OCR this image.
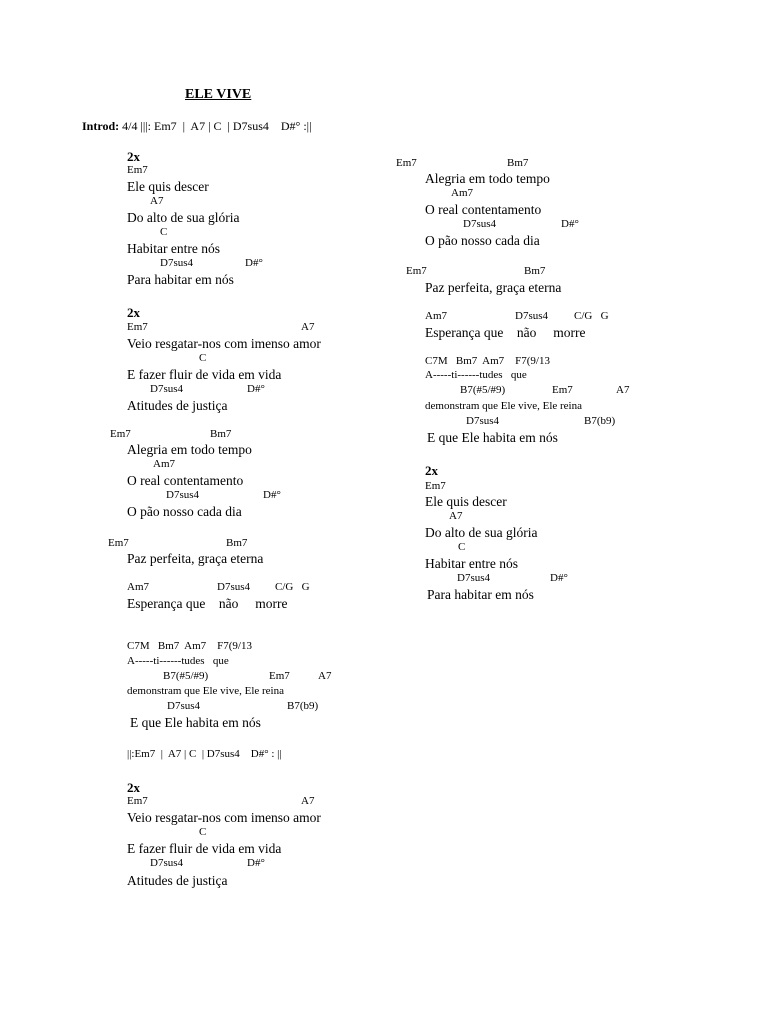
ELE VIVE
Introd: 4/4 |||: Em7  |  A7 | C  | D7sus4    D#° :||
2x
Em7
Ele quis descer
A7
Do alto de sua glória
C
Habitar entre nós
D7sus4	D#°
Para habitar em nós
2x
Em7	A7
Veio resgatar-nos com imenso amor
C
E fazer fluir de vida em vida
D7sus4	D#°
Atitudes de justiça
Em7	Bm7
Alegria em todo tempo
Am7
O real contentamento
D7sus4	D#°
O pão nosso cada dia
Em7	Bm7
Paz perfeita, graça eterna
Am7	D7sus4 C/G   G
Esperança que    não     morre
C7M   Bm7  Am7    F7(9/13
A-----ti------tudes   que
B7(#5/#9)	Em7	A7
demonstram que Ele vive, Ele reina
D7sus4	B7(b9)
E que Ele habita em nós
||:Em7  |  A7 | C  | D7sus4    D#° : ||
2x
Em7	A7
Veio resgatar-nos com imenso amor
C
E fazer fluir de vida em vida
D7sus4	D#°
Atitudes de justiça
Em7	Bm7
Alegria em todo tempo
Am7
O real contentamento
D7sus4	D#°
O pão nosso cada dia
Em7	Bm7
Paz perfeita, graça eterna
Am7	D7sus4 C/G   G
Esperança que    não     morre
C7M   Bm7  Am7    F7(9/13
A-----ti------tudes   que
B7(#5/#9)	Em7	A7
demonstram que Ele vive, Ele reina
D7sus4	B7(b9)
E que Ele habita em nós
2x
Em7
Ele quis descer
A7
Do alto de sua glória
C
Habitar entre nós
D7sus4	D#°
Para habitar em nós
